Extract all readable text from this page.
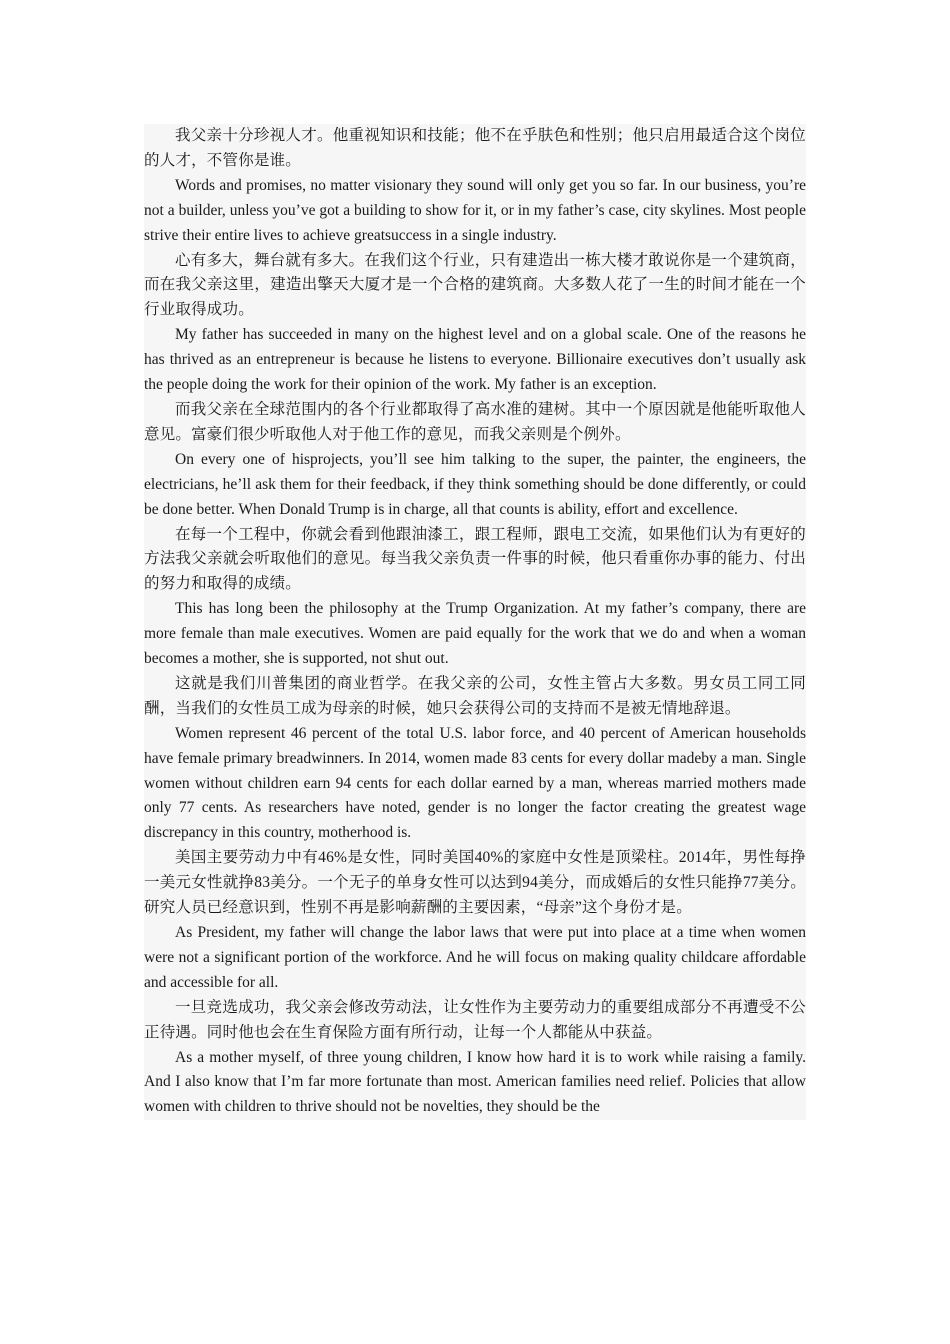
我父亲十分珍视人才。他重视知识和技能；他不在乎肤色和性别；他只启用最适合这个岗位的人才，不管你是谁。

Words and promises, no matter visionary they sound will only get you so far. In our business, you’re not a builder, unless you’ve got a building to show for it, or in my father’s case, city skylines. Most people strive their entire lives to achieve greatsuccess in a single industry.

心有多大，舞台就有多大。在我们这个行业，只有建造出一栋大楼才敢说你是一个建筑商，而在我父亲这里，建造出擎天大厦才是一个合格的建筑商。大多数人花了一生的时间才能在一个行业取得成功。

My father has succeeded in many on the highest level and on a global scale. One of the reasons he has thrived as an entrepreneur is because he listens to everyone. Billionaire executives don’t usually ask the people doing the work for their opinion of the work. My father is an exception.

而我父亲在全球范围内的各个行业都取得了高水准的建树。其中一个原因就是他能听取他人意见。富豪们很少听取他人对于他工作的意见，而我父亲则是个例外。

On every one of hisprojects, you’ll see him talking to the super, the painter, the engineers, the electricians, he’ll ask them for their feedback, if they think something should be done differently, or could be done better. When Donald Trump is in charge, all that counts is ability, effort and excellence.

在每一个工程中，你就会看到他跟油漆工，跟工程师，跟电工交流，如果他们认为有更好的方法我父亲就会听取他们的意见。每当我父亲负责一件事的时候，他只看重你办事的能力、付出的努力和取得的成绩。

This has long been the philosophy at the Trump Organization. At my father’s company, there are more female than male executives. Women are paid equally for the work that we do and when a woman becomes a mother, she is supported, not shut out.

这就是我们川普集团的商业哲学。在我父亲的公司，女性主管占大多数。男女员工同工同酬，当我们的女性员工成为母亲的时候，她只会获得公司的支持而不是被无情地辞退。

Women represent 46 percent of the total U.S. labor force, and 40 percent of American households have female primary breadwinners. In 2014, women made 83 cents for every dollar madeby a man. Single women without children earn 94 cents for each dollar earned by a man, whereas married mothers made only 77 cents. As researchers have noted, gender is no longer the factor creating the greatest wage discrepancy in this country, motherhood is.

美国主要劳动力中有46%是女性，同时美国40%的家庭中女性是顶梁柱。2014年，男性每挣一美元女性就挣83美分。一个无子的单身女性可以达到94美分，而成婚后的女性只能挣77美分。研究人员已经意识到，性别不再是影响薪酬的主要因素，“母亲”这个身份才是。

As President, my father will change the labor laws that were put into place at a time when women were not a significant portion of the workforce. And he will focus on making quality childcare affordable and accessible for all.

一旦竞选成功，我父亲会修改劳动法，让女性作为主要劳动力的重要组成部分不再遭受不公正待遇。同时他也会在生育保险方面有所行动，让每一个人都能从中获益。

As a mother myself, of three young children, I know how hard it is to work while raising a family. And I also know that I’m far more fortunate than most. American families need relief. Policies that allow women with children to thrive should not be novelties, they should be the
